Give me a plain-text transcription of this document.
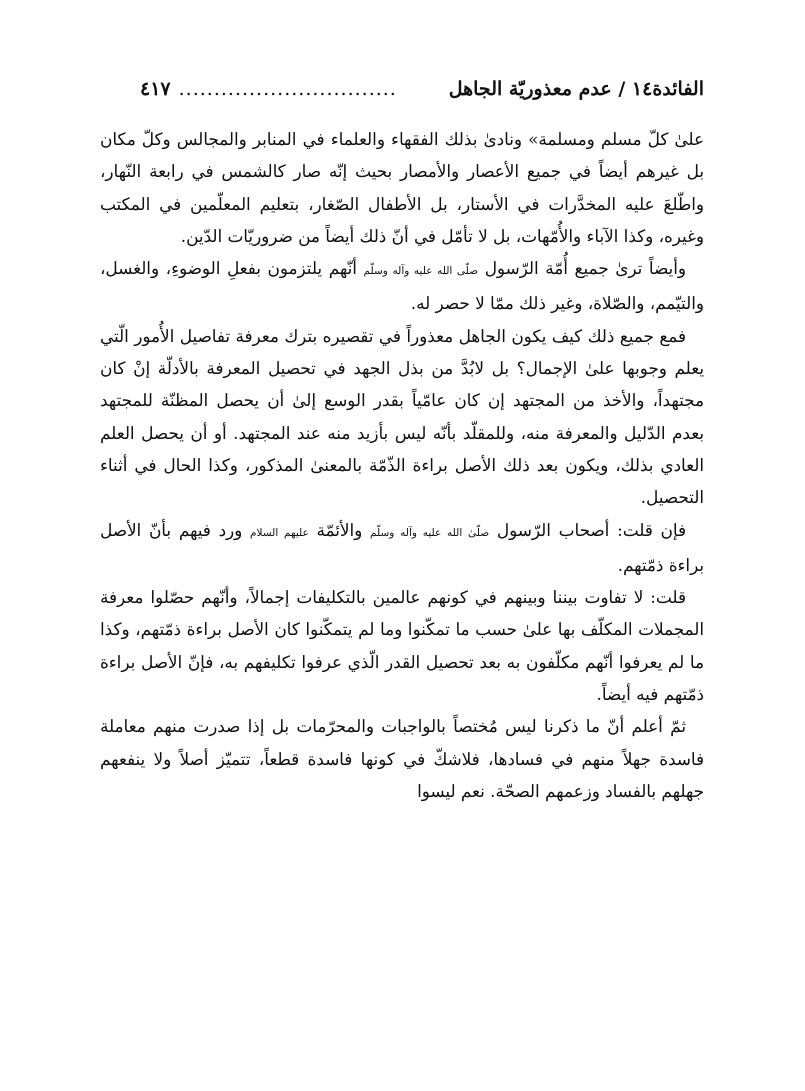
الفائدة١٤ / عدم معذوريّة الجاهل
...............................
٤١٧

علىٰ كلّ مسلم ومسلمة» ونادىٰ بذلك الفقهاء والعلماء في المنابر والمجالس وكلّ مكان بل غيرهم أيضاً في جميع الأعصار والأمصار بحيث إنّه صار كالشمس في رابعة النّهار، واطّلعَ عليه المخدَّرات في الأستار، بل الأطفال الصّغار، بتعليم المعلّمين في المكتب وغيره، وكذا الآباء والأُمّهات، بل لا تأمّل في أنّ ذلك أيضاً من ضروريّات الدّين.

وأيضاً ترىٰ جميع أُمّة الرّسول صلّى الله عليه وآله وسلّم أنّهم يلتزمون بفعلِ الوضوءِ، والغسل، والتيّمم، والصّلاة، وغير ذلك ممّا لا حصر له.

فمع جميع ذلك كيف يكون الجاهل معذوراً في تقصيره بترك معرفة تفاصيل الأُمور الّتي يعلم وجوبها علىٰ الإجمال؟ بل لابُدَّ من بذل الجهد في تحصيل المعرفة بالأدلّة إنْ كان مجتهداً، والأخذ من المجتهد إن كان عامّياً بقدر الوسع إلىٰ أن يحصل المظنّة للمجتهد بعدم الدّليل والمعرفة منه، وللمقلّد بأنّه ليس بأزيد منه عند المجتهد. أو أن يحصل العلم العادي بذلك، ويكون بعد ذلك الأصل براءة الذّمّة بالمعنىٰ المذكور، وكذا الحال في أثناء التحصيل.

فإن قلت: أصحاب الرّسول صلّىٰ الله عليه وآله وسلّم والأئمّة عليهم السلام ورد فيهم بأنّ الأصل براءة ذمّتهم.

قلت: لا تفاوت بيننا وبينهم في كونهم عالمين بالتكليفات إجمالاً، وأنّهم حصّلوا معرفة المجملات المكلّف بها علىٰ حسب ما تمكّنوا وما لم يتمكّنوا كان الأصل براءة ذمّتهم، وكذا ما لم يعرفوا أنّهم مكلّفون به بعد تحصيل القدر الّذي عرفوا تكليفهم به، فإنّ الأصل براءة ذمّتهم فيه أيضاً.

ثمّ أعلم أنّ ما ذكرنا ليس مُختصاً بالواجبات والمحرّمات بل إذا صدرت منهم معاملة فاسدة جهلاً منهم في فسادها، فلاشكّ في كونها فاسدة قطعاً، تتميّز أصلاً ولا ينفعهم جهلهم بالفساد وزعمهم الصحّة. نعم ليسوا
